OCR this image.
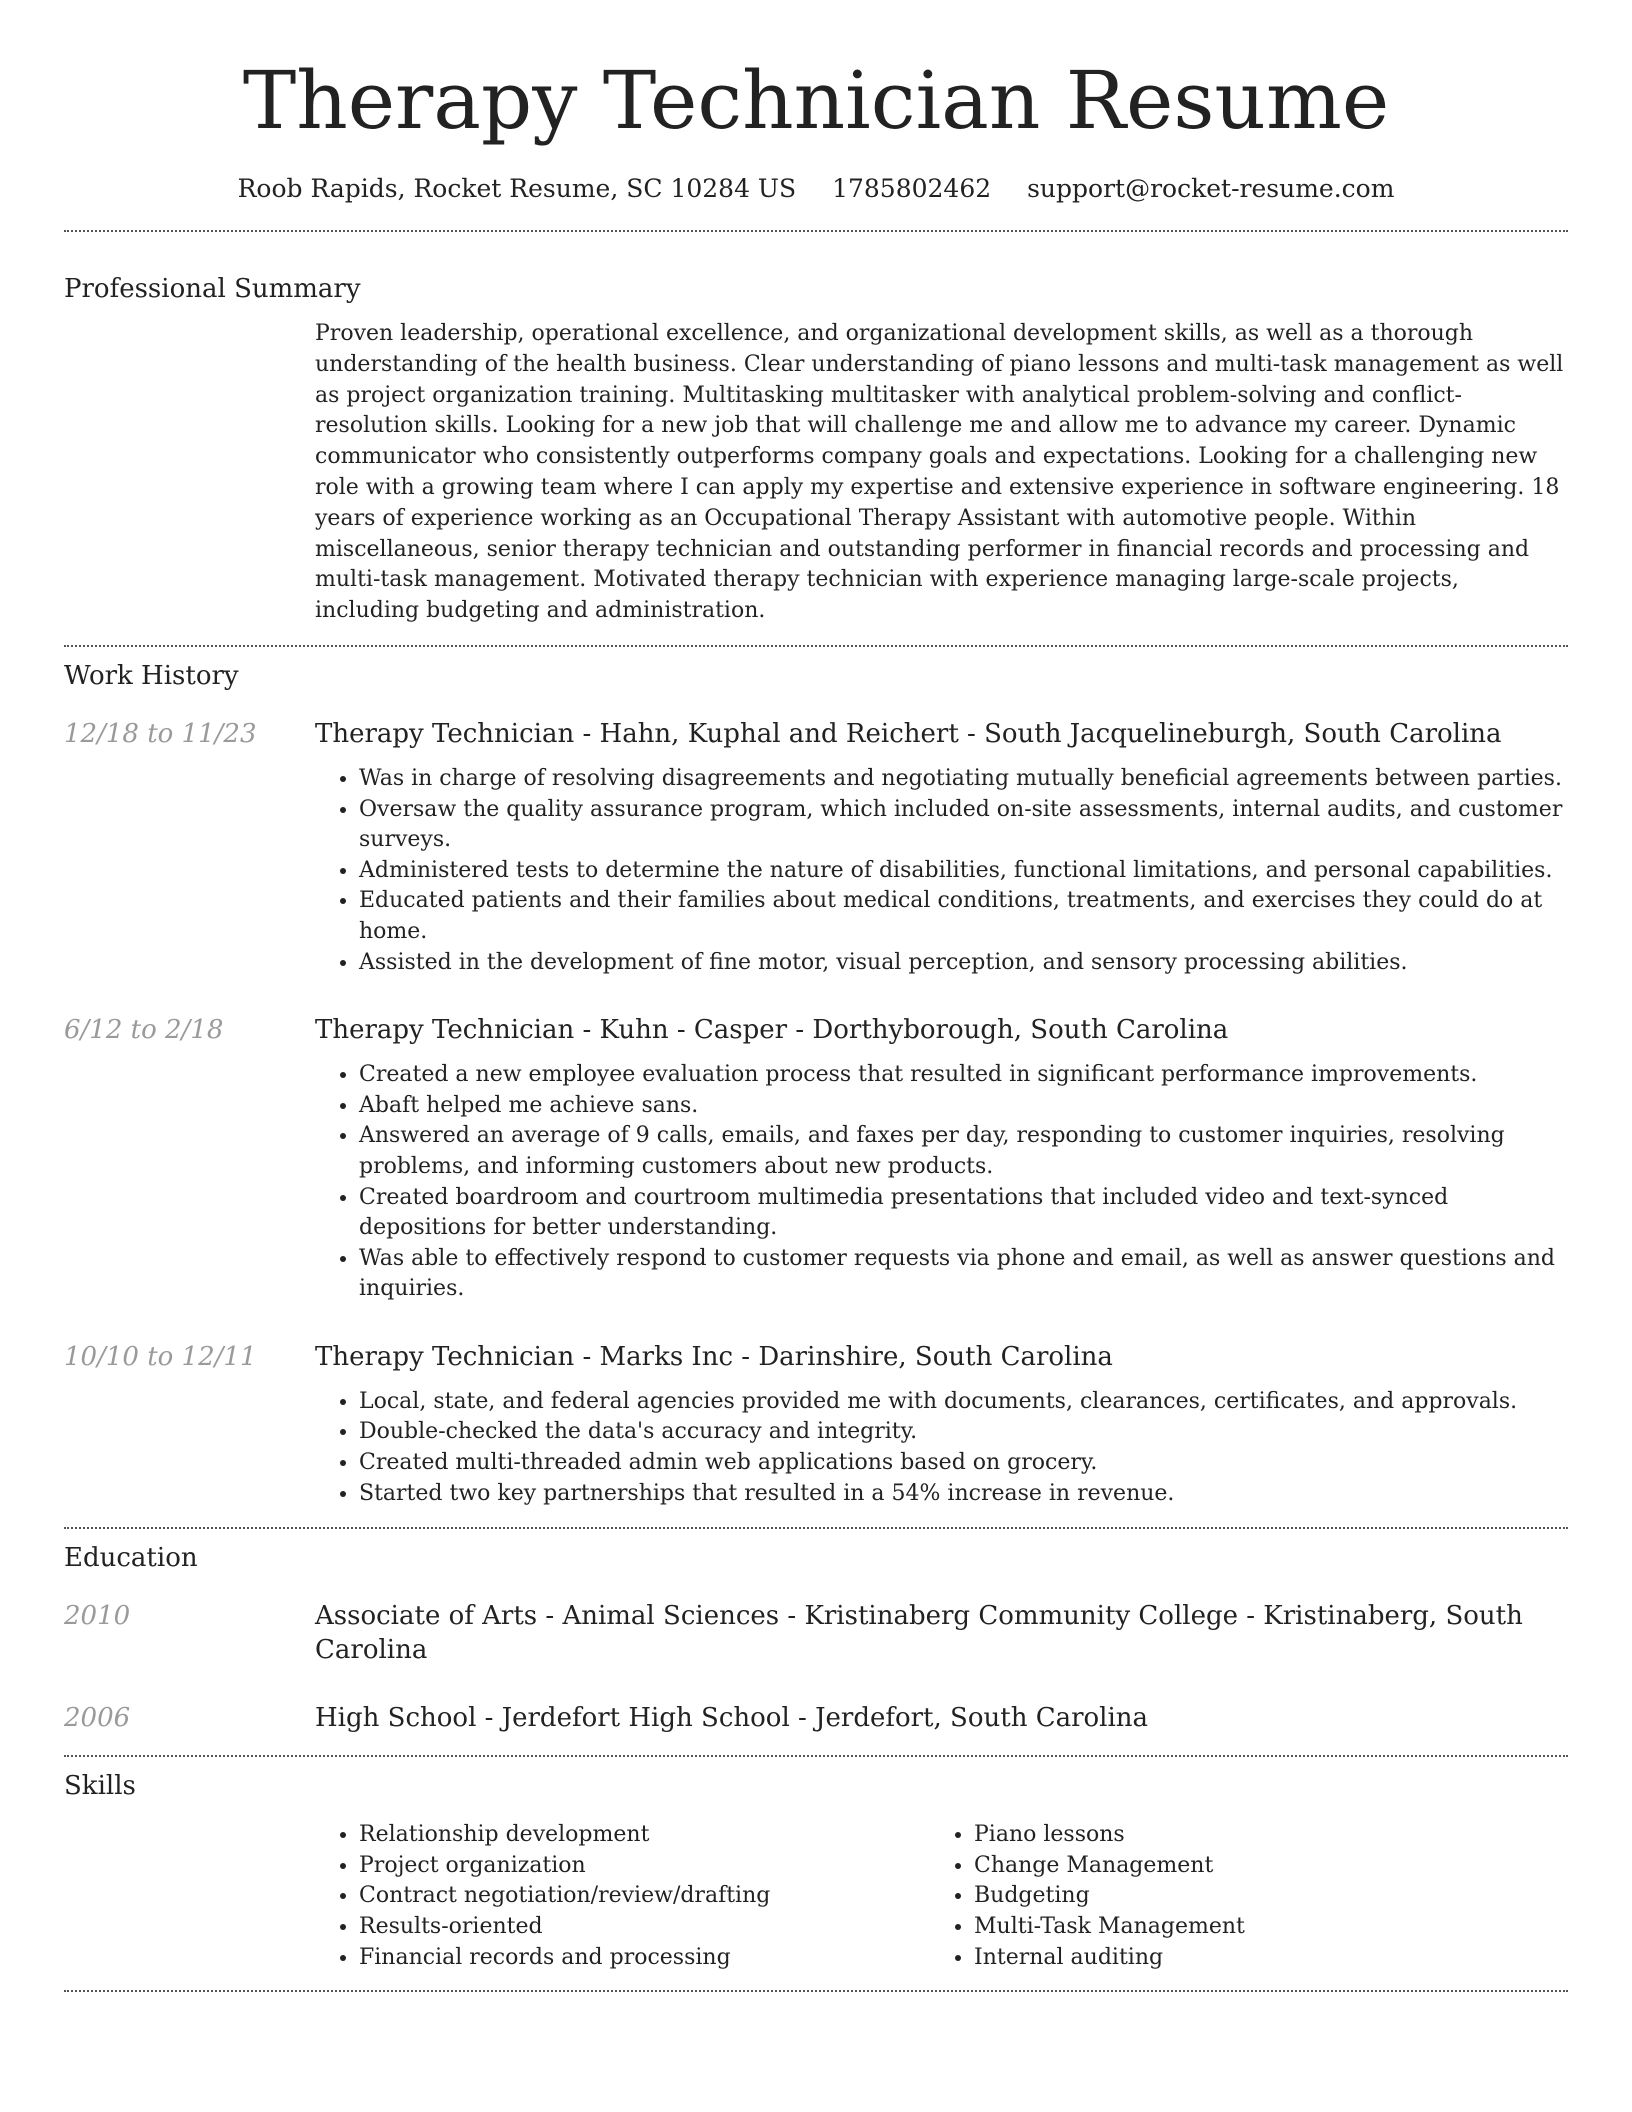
Therapy Technician Resume
Roob Rapids, Rocket Resume, SC 10284 US 1785802462 support@rocket-resume.com
Professional Summary

Proven leadership, operational excellence, and organizational development skills, as well as a thorough understanding of the health business. Clear understanding of piano lessons and multi-task management as well as project organization training. Multitasking multitasker with analytical problem-solving and conflict-resolution skills. Looking for a new job that will challenge me and allow me to advance my career. Dynamic communicator who consistently outperforms company goals and expectations. Looking for a challenging new role with a growing team where I can apply my expertise and extensive experience in software engineering. 18 years of experience working as an Occupational Therapy Assistant with automotive people. Within miscellaneous, senior therapy technician and outstanding performer in financial records and processing and multi-task management. Motivated therapy technician with experience managing large-scale projects, including budgeting and administration.

Work History
12/18 to 11/23	Therapy Technician - Hahn, Kuphal and Reichert - South Jacquelineburgh, South Carolina
• Was in charge of resolving disagreements and negotiating mutually beneficial agreements between parties.
• Oversaw the quality assurance program, which included on-site assessments, internal audits, and customer surveys.
• Administered tests to determine the nature of disabilities, functional limitations, and personal capabilities.
• Educated patients and their families about medical conditions, treatments, and exercises they could do at home.
• Assisted in the development of fine motor, visual perception, and sensory processing abilities.
6/12 to 2/18	Therapy Technician - Kuhn - Casper - Dorthyborough, South Carolina
• Created a new employee evaluation process that resulted in significant performance improvements.
• Abaft helped me achieve sans.
• Answered an average of 9 calls, emails, and faxes per day, responding to customer inquiries, resolving problems, and informing customers about new products.
• Created boardroom and courtroom multimedia presentations that included video and text-synced depositions for better understanding.
• Was able to effectively respond to customer requests via phone and email, as well as answer questions and inquiries.
10/10 to 12/11	Therapy Technician - Marks Inc - Darinshire, South Carolina
• Local, state, and federal agencies provided me with documents, clearances, certificates, and approvals.
• Double-checked the data's accuracy and integrity.
• Created multi-threaded admin web applications based on grocery.
• Started two key partnerships that resulted in a 54% increase in revenue.
Education
2010	Associate of Arts - Animal Sciences - Kristinaberg Community College - Kristinaberg, South Carolina
2006	High School - Jerdefort High School - Jerdefort, South Carolina
Skills
• Relationship development
• Project organization
• Contract negotiation/review/drafting
• Results-oriented
• Financial records and processing
• Piano lessons
• Change Management
• Budgeting
• Multi-Task Management
• Internal auditing
